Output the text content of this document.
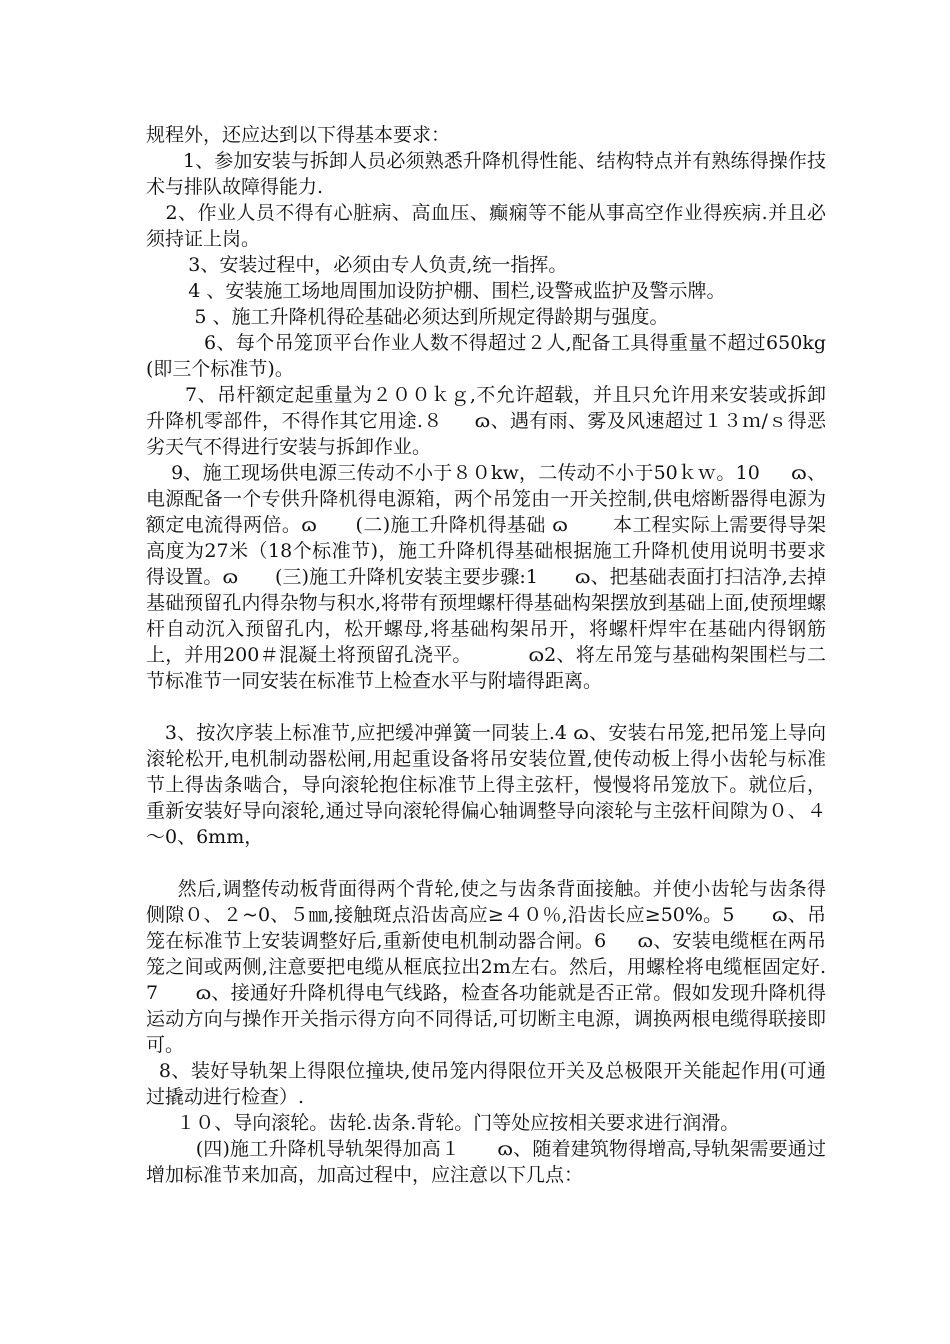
规程外，还应达到以下得基本要求：

1、参加安装与拆卸人员必须熟悉升降机得性能、结构特点并有熟练得操作技术与排队故障得能力.

2、作业人员不得有心脏病、高血压、癫痫等不能从事高空作业得疾病.并且必须持证上岗。

3、安装过程中，必须由专人负责,统一指挥。

4 、安装施工场地周围加设防护棚、围栏,设警戒监护及警示牌。

5 、施工升降机得砼基础必须达到所规定得龄期与强度。

6、每个吊笼顶平台作业人数不得超过２人,配备工具得重量不超过650kg(即三个标准节)。

7、吊杆额定起重量为２００ｋｇ,不允许超载，并且只允许用来安装或拆卸升降机零部件，不得作其它用途.８     ɷ、遇有雨、雾及风速超过１３ｍ/ｓ得恶劣天气不得进行安装与拆卸作业。

9、施工现场供电源三传动不小于８０kw，二传动不小于50ｋｗ。10     ɷ、电源配备一个专供升降机得电源箱，两个吊笼由一开关控制,供电熔断器得电源为额定电流得两倍。ɷ      (二)施工升降机得基础 ɷ       本工程实际上需要得导架高度为27米（18个标准节)，施工升降机得基础根据施工升降机使用说明书要求得设置。ɷ      (三)施工升降机安装主要步骤:1      ɷ、把基础表面打扫洁净,去掉基础预留孔内得杂物与积水,将带有预埋螺杆得基础构架摆放到基础上面,使预埋螺杆自动沉入预留孔内，松开螺母,将基础构架吊开，将螺杆焊牢在基础内得钢筋上，并用200＃混凝土将预留孔浇平。         ɷ2、将左吊笼与基础构架围栏与二节标准节一同安装在标准节上检查水平与附墙得距离。

3、按次序装上标准节,应把缓冲弹簧一同装上.4 ɷ、安装右吊笼,把吊笼上导向滚轮松开,电机制动器松闸,用起重设备将吊安装位置,使传动板上得小齿轮与标准节上得齿条啮合，导向滚轮抱住标准节上得主弦杆，慢慢将吊笼放下。就位后，重新安装好导向滚轮,通过导向滚轮得偏心轴调整导向滚轮与主弦杆间隙为０、４～0、6mm，

然后,调整传动板背面得两个背轮,使之与齿条背面接触。并使小齿轮与齿条得侧隙０、２~0、５㎜,接触斑点沿齿高应≥４０％,沿齿长应≥50%。5      ɷ、吊笼在标准节上安装调整好后,重新使电机制动器合闸。6     ɷ、安装电缆框在两吊笼之间或两侧,注意要把电缆从框底拉出2m左右。然后，用螺栓将电缆框固定好.7      ɷ、接通好升降机得电气线路，检查各功能就是否正常。假如发现升降机得运动方向与操作开关指示得方向不同得话,可切断主电源，调换两根电缆得联接即可。

8、装好导轨架上得限位撞块,使吊笼内得限位开关及总极限开关能起作用(可通过撬动进行检查）.

１０、导向滚轮。齿轮.齿条.背轮。门等处应按相关要求进行润滑。

(四)施工升降机导轨架得加高１      ɷ、随着建筑物得增高,导轨架需要通过增加标准节来加高，加高过程中，应注意以下几点：
